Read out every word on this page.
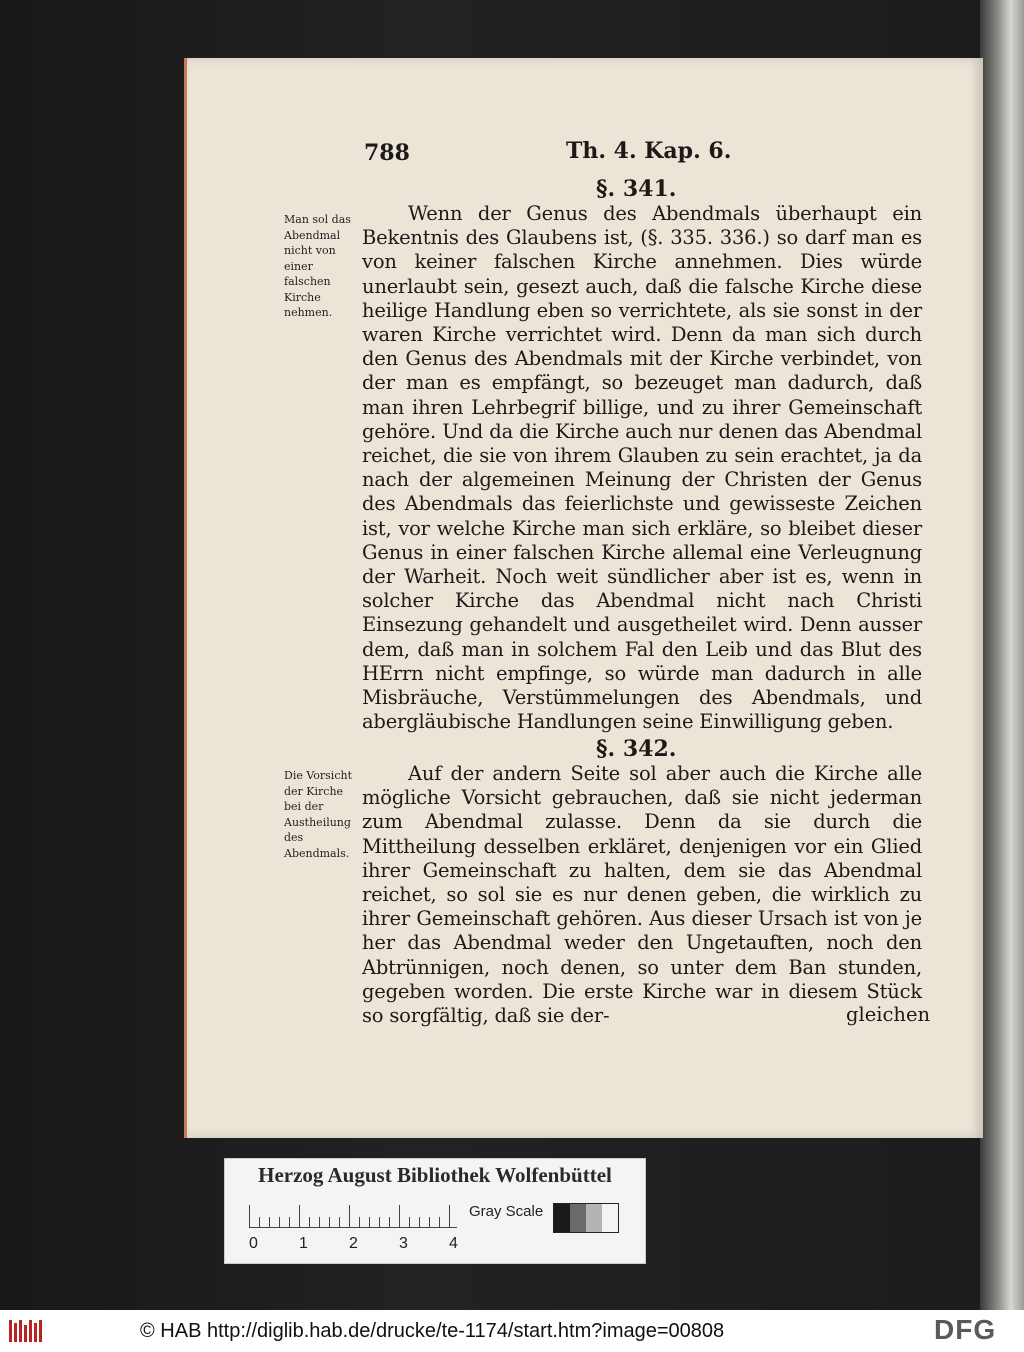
788	Th. 4. Kap. 6.
§. 341.
Man sol das Abendmal nicht von einer falschen Kirche nehmen.
Wenn der Genus des Abendmals überhaupt ein Bekentnis des Glaubens ist, (§. 335. 336.) so darf man es von keiner falschen Kirche annehmen. Dies würde unerlaubt sein, gesezt auch, daß die falsche Kirche diese heilige Handlung eben so verrichtete, als sie sonst in der waren Kirche verrichtet wird. Denn da man sich durch den Genus des Abendmals mit der Kirche verbindet, von der man es empfängt, so bezeuget man dadurch, daß man ihren Lehrbegrif billige, und zu ihrer Gemeinschaft gehöre. Und da die Kirche auch nur denen das Abendmal reichet, die sie von ihrem Glauben zu sein erachtet, ja da nach der algemeinen Meinung der Christen der Genus des Abendmals das feierlichste und gewisseste Zeichen ist, vor welche Kirche man sich erkläre, so bleibet dieser Genus in einer falschen Kirche allemal eine Verleugnung der Warheit. Noch weit sündlicher aber ist es, wenn in solcher Kirche das Abendmal nicht nach Christi Einsezung gehandelt und ausgetheilet wird. Denn ausser dem, daß man in solchem Fal den Leib und das Blut des HErrn nicht empfinge, so würde man dadurch in alle Misbräuche, Verstümmelungen des Abendmals, und abergläubische Handlungen seine Einwilligung geben.
§. 342.
Die Vorsicht der Kirche bei der Austheilung des Abendmals.
Auf der andern Seite sol aber auch die Kirche alle mögliche Vorsicht gebrauchen, daß sie nicht jederman zum Abendmal zulasse. Denn da sie durch die Mittheilung desselben erkläret, denjenigen vor ein Glied ihrer Gemeinschaft zu halten, dem sie das Abendmal reichet, so sol sie es nur denen geben, die wirklich zu ihrer Gemeinschaft gehören. Aus dieser Ursach ist von je her das Abendmal weder den Ungetauften, noch den Abtrünnigen, noch denen, so unter dem Ban stunden, gegeben worden. Die erste Kirche war in diesem Stück so sorgfältig, daß sie der-	gleichen
Herzog August Bibliothek Wolfenbüttel
0	1	2	3	4
Gray Scale
© HAB http://diglib.hab.de/drucke/te-1174/start.htm?image=00808	DFG
